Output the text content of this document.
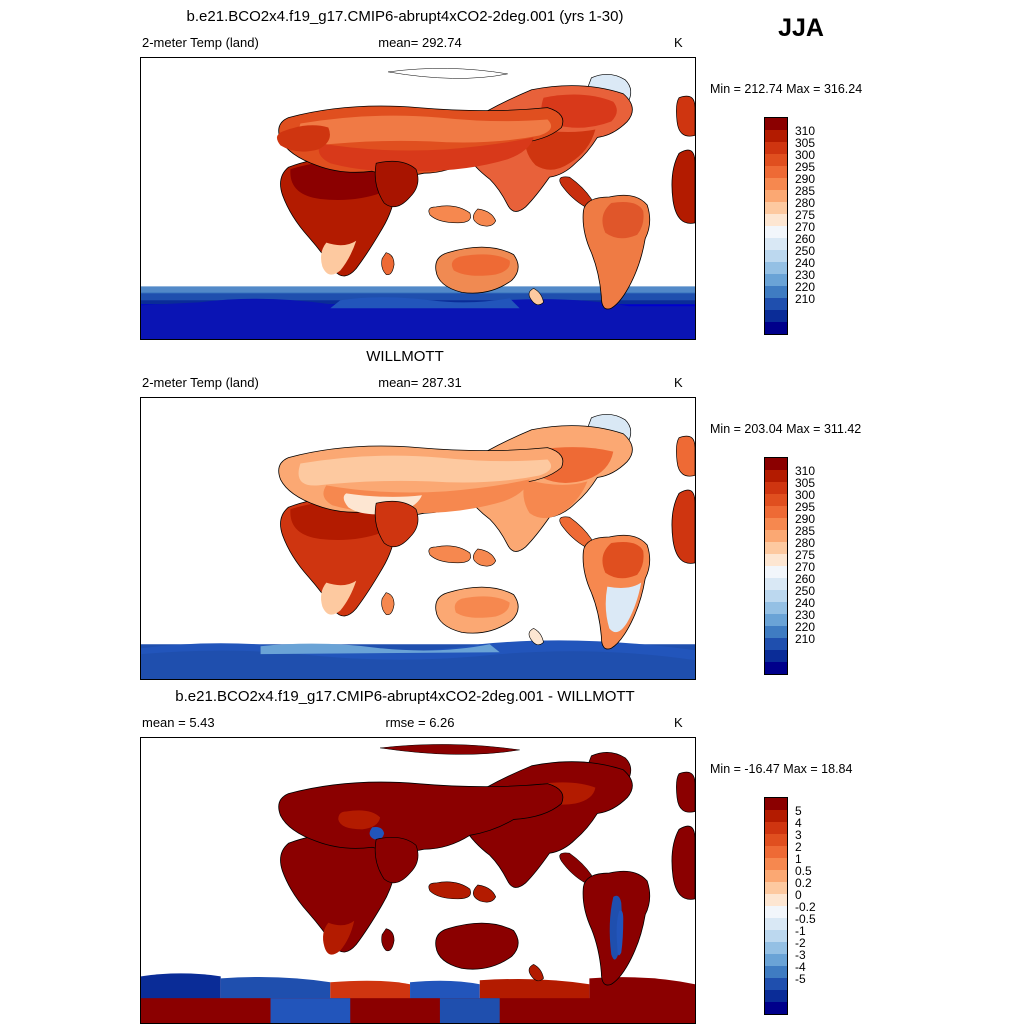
JJA
b.e21.BCO2x4.f19_g17.CMIP6-abrupt4xCO2-2deg.001 (yrs 1-30)
2-meter Temp (land)	mean= 292.74	K
Min = 212.74 Max = 316.24
310
305
300
295
290
285
280
275
270
260
250
240
230
220
210
WILLMOTT
2-meter Temp (land)	mean= 287.31	K
Min = 203.04 Max = 311.42
310
305
300
295
290
285
280
275
270
260
250
240
230
220
210
b.e21.BCO2x4.f19_g17.CMIP6-abrupt4xCO2-2deg.001 - WILLMOTT
mean = 5.43	rmse = 6.26	K
Min = -16.47 Max = 18.84
5
4
3
2
1
0.5
0.2
0
-0.2
-0.5
-1
-2
-3
-4
-5
